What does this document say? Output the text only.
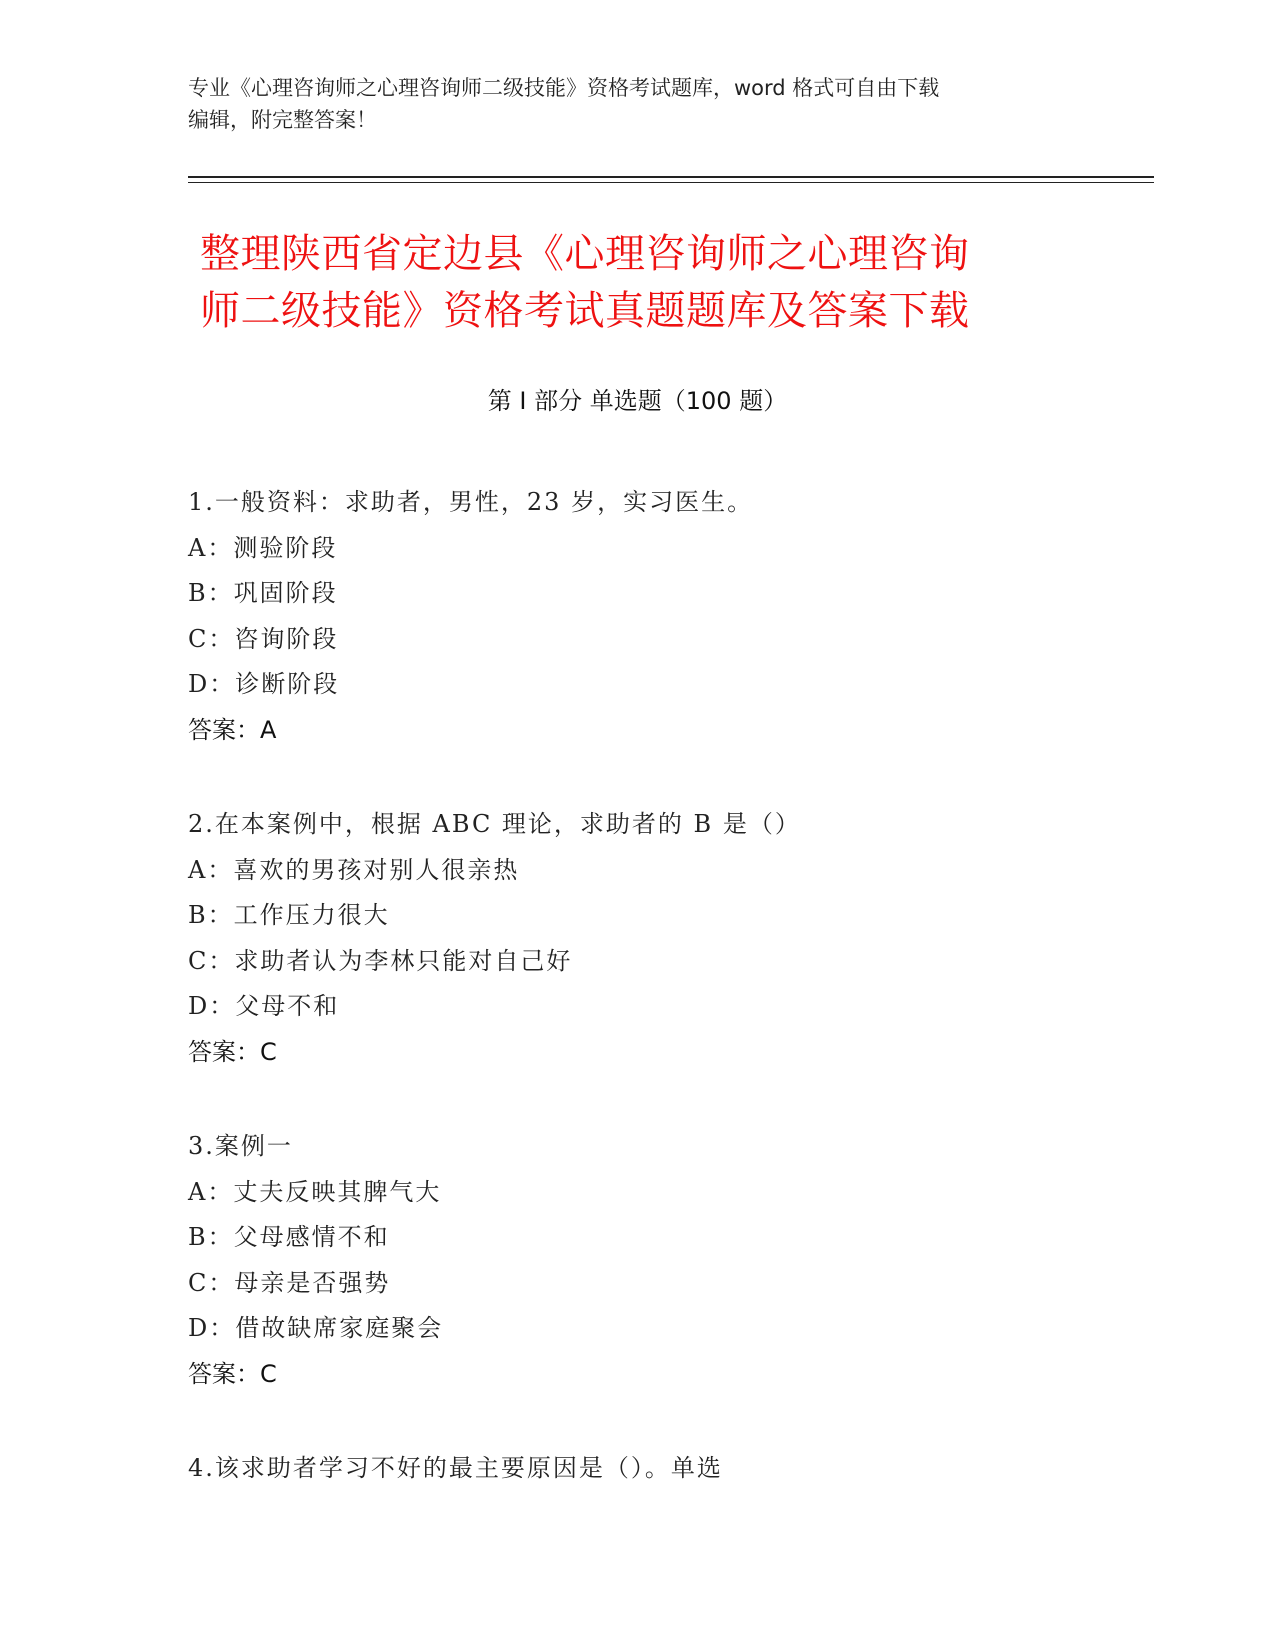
专业《心理咨询师之心理咨询师二级技能》资格考试题库，word 格式可自由下载
编辑，附完整答案！
整理陕西省定边县《心理咨询师之心理咨询
师二级技能》资格考试真题题库及答案下载
第 I 部分 单选题（100 题）
1.一般资料：求助者，男性，23 岁，实习医生。
A：测验阶段
B：巩固阶段
C：咨询阶段
D：诊断阶段
答案：A
2.在本案例中，根据 ABC 理论，求助者的 B 是（）
A：喜欢的男孩对别人很亲热
B：工作压力很大
C：求助者认为李林只能对自己好
D：父母不和
答案：C
3.案例一
A：丈夫反映其脾气大
B：父母感情不和
C：母亲是否强势
D：借故缺席家庭聚会
答案：C
4.该求助者学习不好的最主要原因是（）。单选
